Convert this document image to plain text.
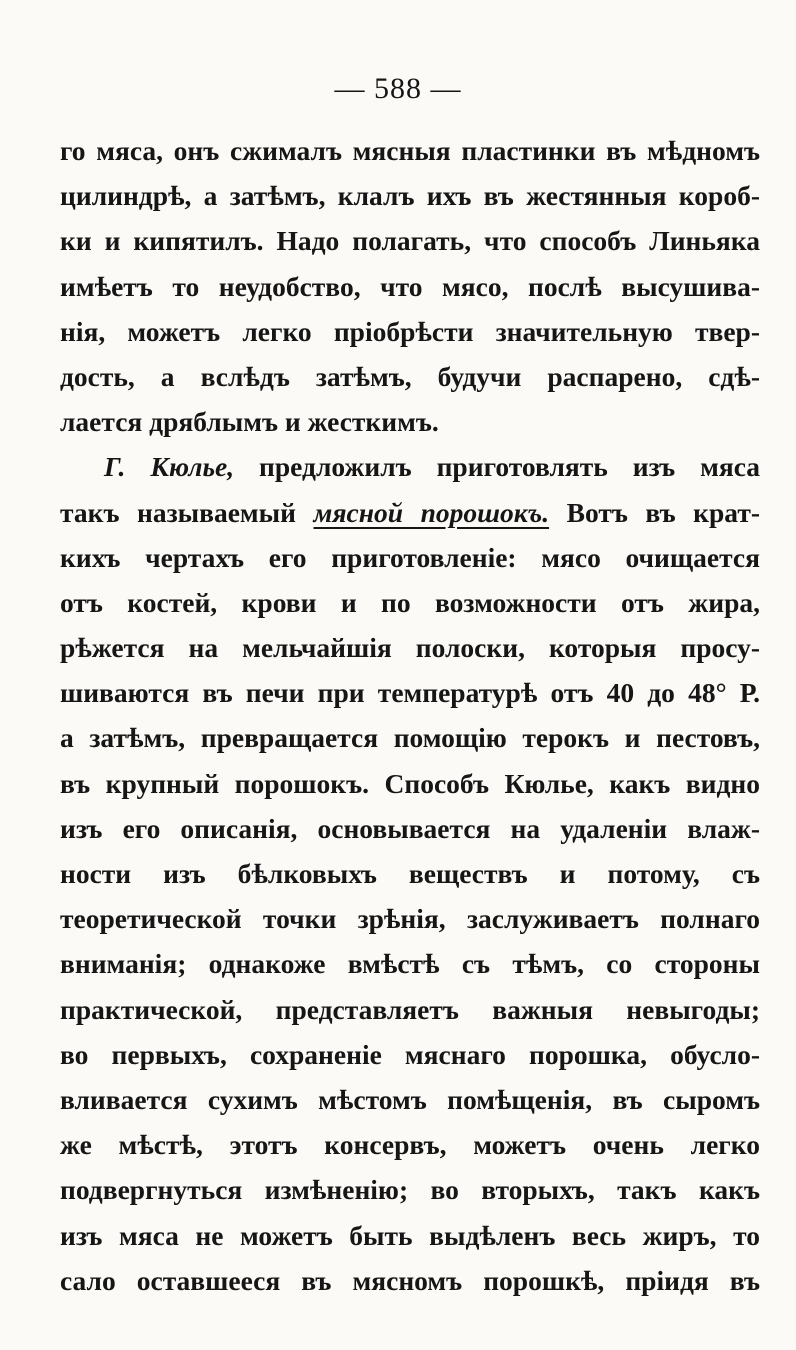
— 588 —
го мяса, онъ сжималъ мясныя пластинки въ мѣдномъ
цилиндрѣ, а затѣмъ, клалъ ихъ въ жестянныя короб-
ки и кипятилъ. Надо полагать, что способъ Линьяка
имѣетъ то неудобство, что мясо, послѣ высушива-
нія, можетъ легко пріобрѣсти значительную твер-
дость, а вслѣдъ затѣмъ, будучи распарено, сдѣ-
лается дряблымъ и жесткимъ.
Г. Кюлье, предложилъ приготовлять изъ мяса
такъ называемый мясной порошокъ. Вотъ въ крат-
кихъ чертахъ его приготовленіе: мясо очищается
отъ костей, крови и по возможности отъ жира,
рѣжется на мельчайшія полоски, которыя просу-
шиваются въ печи при температурѣ отъ 40 до 48° Р.
а затѣмъ, превращается помощію терокъ и пестовъ,
въ крупный порошокъ. Способъ Кюлье, какъ видно
изъ его описанія, основывается на удаленіи влаж-
ности изъ бѣлковыхъ веществъ и потому, съ
теоретической точки зрѣнія, заслуживаетъ полнаго
вниманія; однакоже вмѣстѣ съ тѣмъ, со стороны
практической, представляетъ важныя невыгоды;
во первыхъ, сохраненіе мяснаго порошка, обуслo-
вливается сухимъ мѣстомъ помѣщенія, въ сыромъ
же мѣстѣ, этотъ консервъ, можетъ очень легко
подвергнуться измѣненію; во вторыхъ, такъ какъ
изъ мяса не можетъ быть выдѣленъ весь жиръ, то
сало оставшееся въ мясномъ порошкѣ, пріидя въ
